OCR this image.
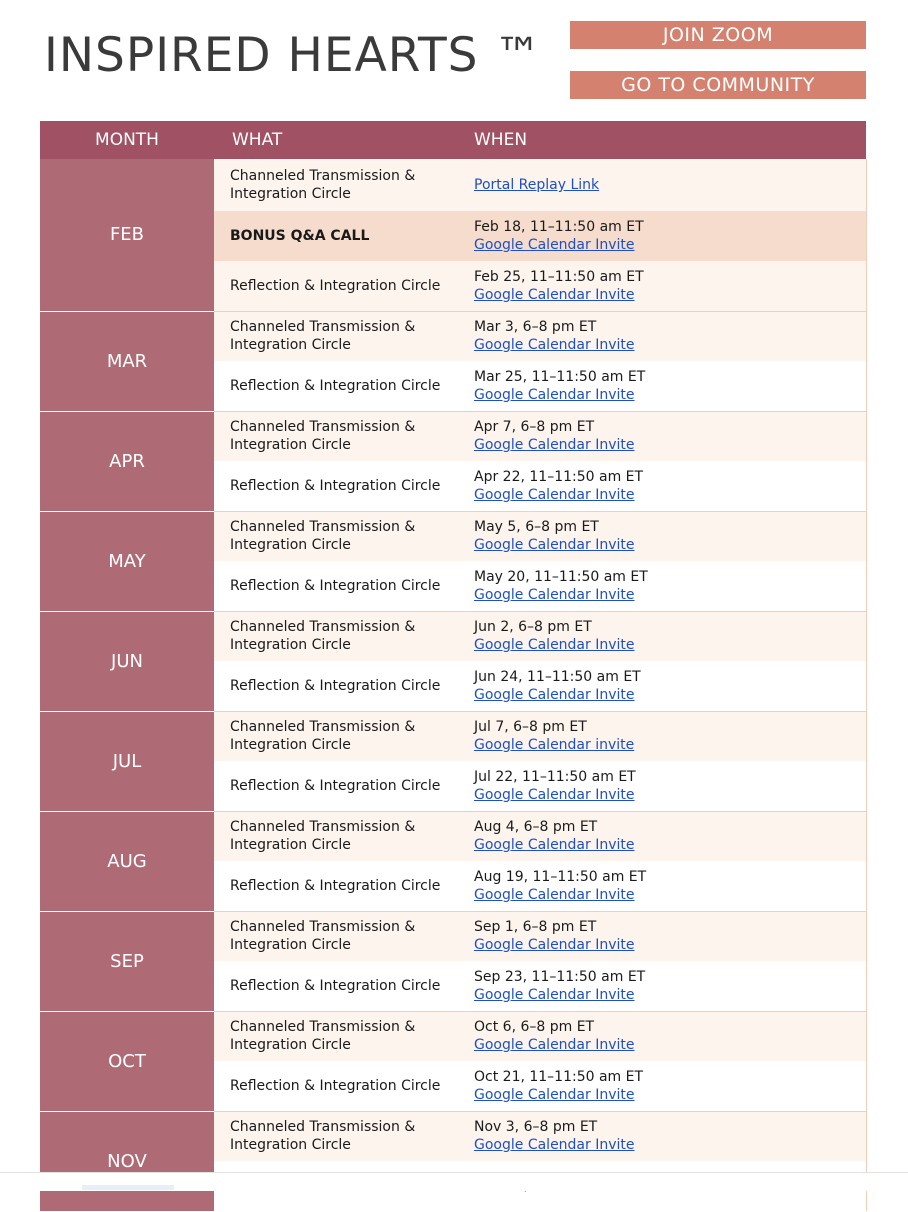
INSPIRED HEARTS ™	JOIN ZOOM
GO TO COMMUNITY
MONTH	WHAT	WHEN
FEB	Channeled Transmission & Integration Circle	Portal Replay Link

	BONUS Q&A CALL	Feb 18, 11–11:50 am ET
Google Calendar Invite

	Reflection & Integration Circle	Feb 25, 11–11:50 am ET
Google Calendar Invite

MAR	Channeled Transmission & Integration Circle	Mar 3, 6–8 pm ET
Google Calendar Invite

	Reflection & Integration Circle	Mar 25, 11–11:50 am ET
Google Calendar Invite

APR	Channeled Transmission & Integration Circle	Apr 7, 6–8 pm ET
Google Calendar Invite

	Reflection & Integration Circle	Apr 22, 11–11:50 am ET
Google Calendar Invite

MAY	Channeled Transmission & Integration Circle	May 5, 6–8 pm ET
Google Calendar Invite

	Reflection & Integration Circle	May 20, 11–11:50 am ET
Google Calendar Invite

JUN	Channeled Transmission & Integration Circle	Jun 2, 6–8 pm ET
Google Calendar Invite

	Reflection & Integration Circle	Jun 24, 11–11:50 am ET
Google Calendar Invite

JUL	Channeled Transmission & Integration Circle	Jul 7, 6–8 pm ET
Google Calendar invite

	Reflection & Integration Circle	Jul 22, 11–11:50 am ET
Google Calendar Invite

AUG	Channeled Transmission & Integration Circle	Aug 4, 6–8 pm ET
Google Calendar Invite

	Reflection & Integration Circle	Aug 19, 11–11:50 am ET
Google Calendar Invite

SEP	Channeled Transmission & Integration Circle	Sep 1, 6–8 pm ET
Google Calendar Invite

	Reflection & Integration Circle	Sep 23, 11–11:50 am ET
Google Calendar Invite

OCT	Channeled Transmission & Integration Circle	Oct 6, 6–8 pm ET
Google Calendar Invite

	Reflection & Integration Circle	Oct 21, 11–11:50 am ET
Google Calendar Invite

NOV	Channeled Transmission & Integration Circle	Nov 3, 6–8 pm ET
Google Calendar Invite
